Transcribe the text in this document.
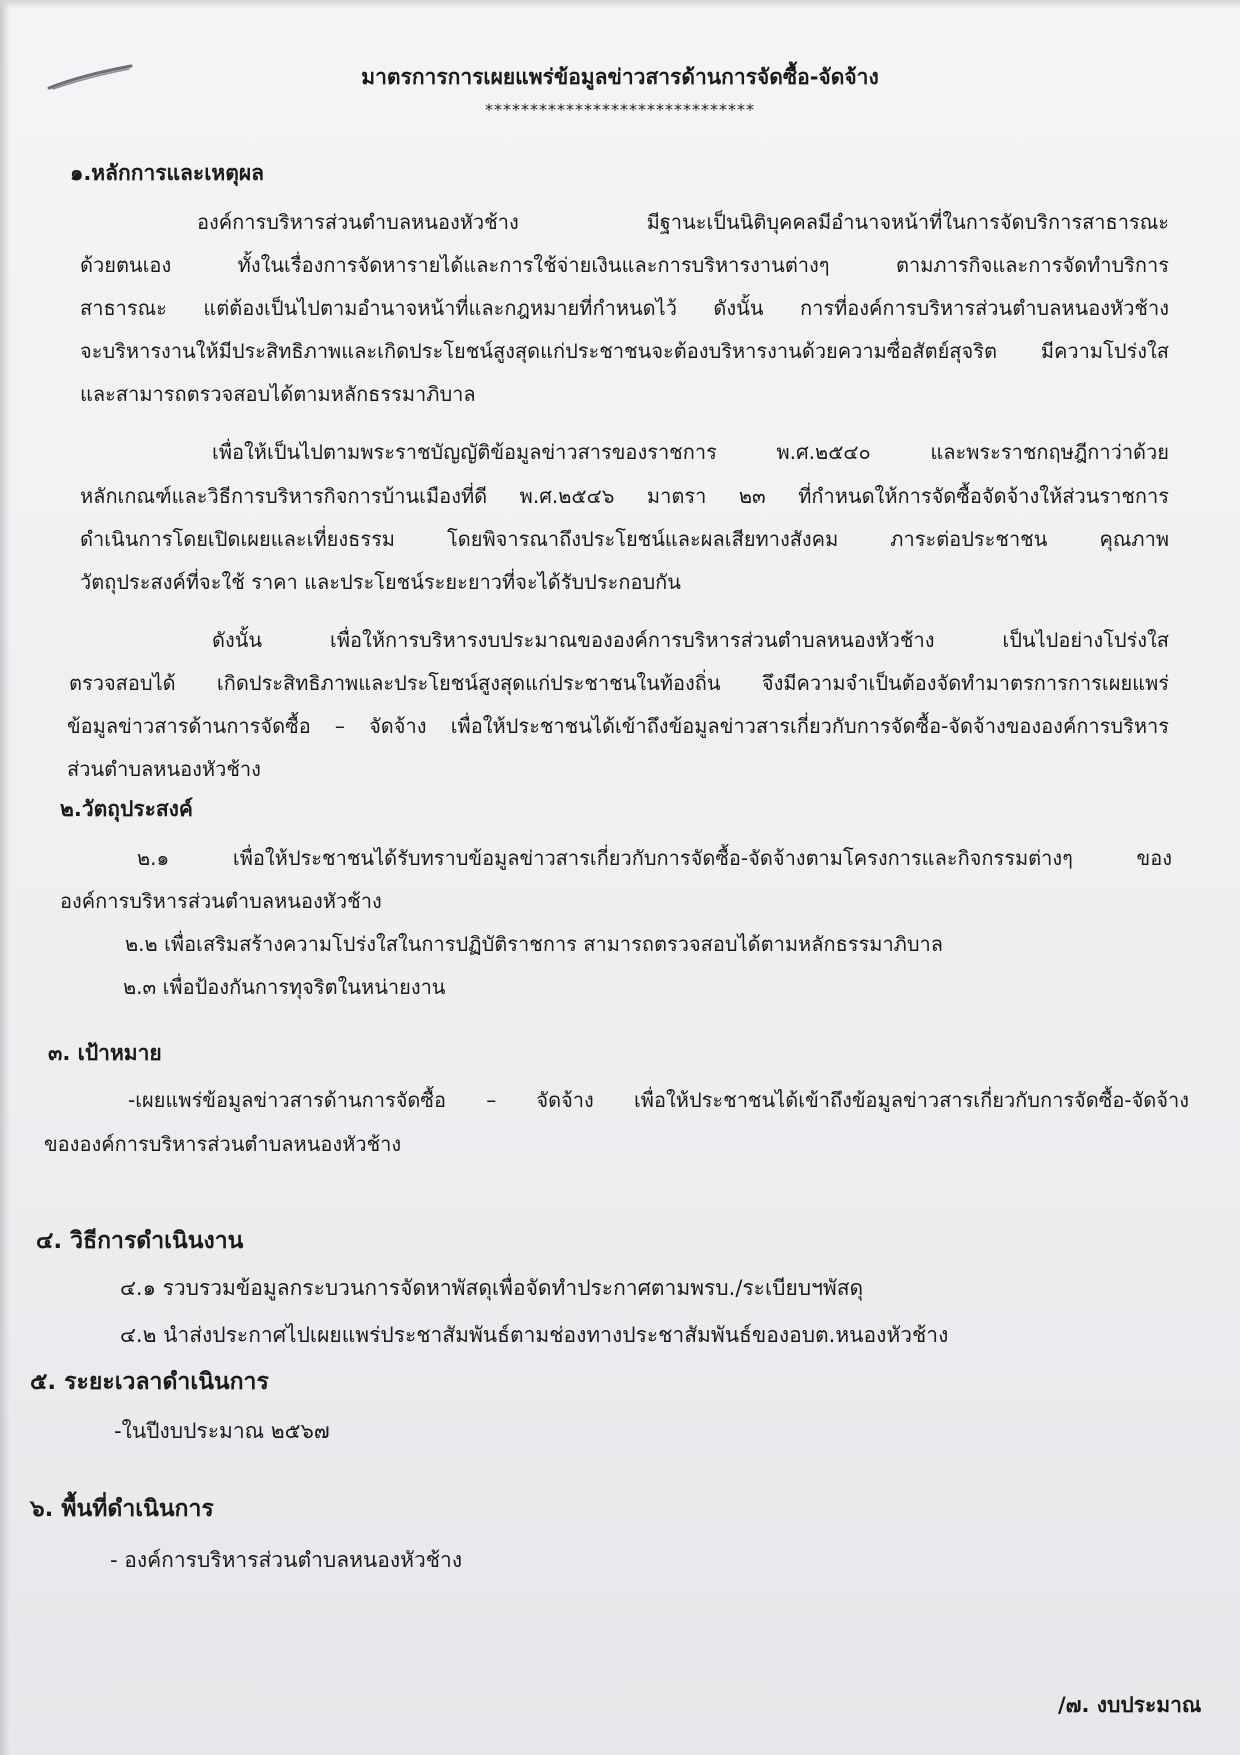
มาตรการการเผยแพร่ข้อมูลข่าวสารด้านการจัดซื้อ-จัดจ้าง
******************************
๑.หลักการและเหตุผล
องค์การบริหารส่วนตำบลหนองหัวช้าง มีฐานะเป็นนิติบุคคลมีอำนาจหน้าที่ในการจัดบริการสาธารณะ
ด้วยตนเอง ทั้งในเรื่องการจัดหารายได้และการใช้จ่ายเงินและการบริหารงานต่างๆ ตามภารกิจและการจัดทำบริการ
สาธารณะ แต่ต้องเป็นไปตามอำนาจหน้าที่และกฎหมายที่กำหนดไว้ ดังนั้น การที่องค์การบริหารส่วนตำบลหนองหัวช้าง
จะบริหารงานให้มีประสิทธิภาพและเกิดประโยชน์สูงสุดแก่ประชาชนจะต้องบริหารงานด้วยความซื่อสัตย์สุจริต มีความโปร่งใส
และสามารถตรวจสอบได้ตามหลักธรรมาภิบาล
เพื่อให้เป็นไปตามพระราชบัญญัติข้อมูลข่าวสารของราชการ พ.ศ.๒๕๔๐ และพระราชกฤษฎีกาว่าด้วย
หลักเกณฑ์และวิธีการบริหารกิจการบ้านเมืองที่ดี พ.ศ.๒๕๔๖ มาตรา ๒๓ ที่กำหนดให้การจัดซื้อจัดจ้างให้ส่วนราชการ
ดำเนินการโดยเปิดเผยและเที่ยงธรรม โดยพิจารณาถึงประโยชน์และผลเสียทางสังคม ภาระต่อประชาชน คุณภาพ
วัตถุประสงค์ที่จะใช้ ราคา และประโยชน์ระยะยาวที่จะได้รับประกอบกัน
ดังนั้น เพื่อให้การบริหารงบประมาณขององค์การบริหารส่วนตำบลหนองหัวช้าง เป็นไปอย่างโปร่งใส
ตรวจสอบได้ เกิดประสิทธิภาพและประโยชน์สูงสุดแก่ประชาชนในท้องถิ่น จึงมีความจำเป็นต้องจัดทำมาตรการการเผยแพร่
ข้อมูลข่าวสารด้านการจัดซื้อ – จัดจ้าง เพื่อให้ประชาชนได้เข้าถึงข้อมูลข่าวสารเกี่ยวกับการจัดซื้อ-จัดจ้างขององค์การบริหาร
ส่วนตำบลหนองหัวช้าง
๒.วัตถุประสงค์
๒.๑ เพื่อให้ประชาชนได้รับทราบข้อมูลข่าวสารเกี่ยวกับการจัดซื้อ-จัดจ้างตามโครงการและกิจกรรมต่างๆ ของ
องค์การบริหารส่วนตำบลหนองหัวช้าง
๒.๒ เพื่อเสริมสร้างความโปร่งใสในการปฏิบัติราชการ สามารถตรวจสอบได้ตามหลักธรรมาภิบาล
๒.๓ เพื่อป้องกันการทุจริตในหน่ายงาน
๓. เป้าหมาย
-เผยแพร่ข้อมูลข่าวสารด้านการจัดซื้อ – จัดจ้าง เพื่อให้ประชาชนได้เข้าถึงข้อมูลข่าวสารเกี่ยวกับการจัดซื้อ-จัดจ้าง
ขององค์การบริหารส่วนตำบลหนองหัวช้าง
๔. วิธีการดำเนินงาน
๔.๑ รวบรวมข้อมูลกระบวนการจัดหาพัสดุเพื่อจัดทำประกาศตามพรบ./ระเบียบฯพัสดุ
๔.๒ นำส่งประกาศไปเผยแพร่ประชาสัมพันธ์ตามช่องทางประชาสัมพันธ์ของอบต.หนองหัวช้าง
๕. ระยะเวลาดำเนินการ
-ในปีงบประมาณ ๒๕๖๗
๖. พื้นที่ดำเนินการ
- องค์การบริหารส่วนตำบลหนองหัวช้าง
/๗. งบประมาณ
